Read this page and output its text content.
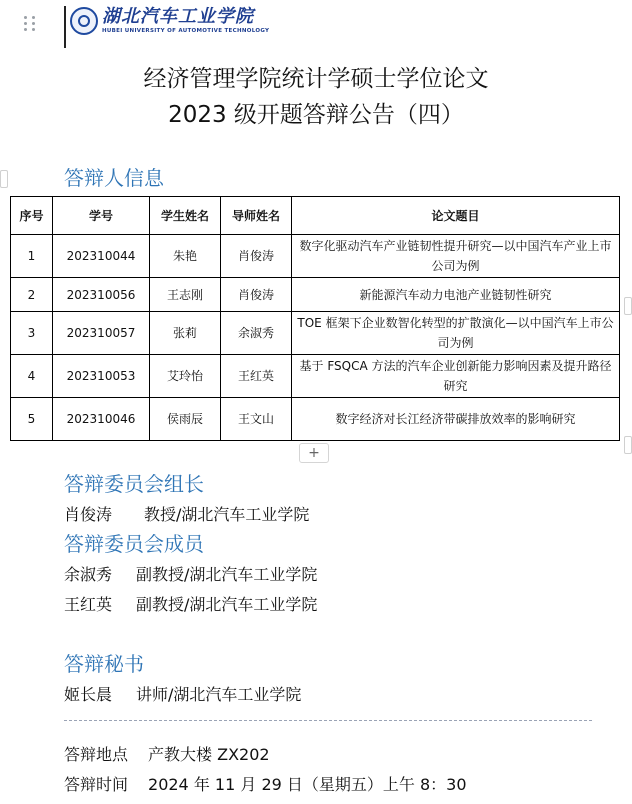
湖北汽车工业学院
HUBEI UNIVERSITY OF AUTOMOTIVE TECHNOLOGY
经济管理学院统计学硕士学位论文
2023 级开题答辩公告（四）
答辩人信息
序号	学号	学生姓名	导师姓名	论文题目
1	202310044	朱艳	肖俊涛	数字化驱动汽车产业链韧性提升研究—以中国汽车产业上市公司为例
2	202310056	王志刚	肖俊涛	新能源汽车动力电池产业链韧性研究
3	202310057	张莉	余淑秀	TOE 框架下企业数智化转型的扩散演化—以中国汽车上市公司为例
4	202310053	艾玲怡	王红英	基于 FSQCA 方法的汽车企业创新能力影响因素及提升路径研究
5	202310046	侯雨辰	王文山	数字经济对长江经济带碳排放效率的影响研究
+
答辩委员会组长
肖俊涛 教授/湖北汽车工业学院
答辩委员会成员
余淑秀 副教授/湖北汽车工业学院
王红英 副教授/湖北汽车工业学院
答辩秘书
姬长晨 讲师/湖北汽车工业学院
答辩地点 产教大楼 ZX202
答辩时间 2024 年 11 月 29 日（星期五）上午 8：30
